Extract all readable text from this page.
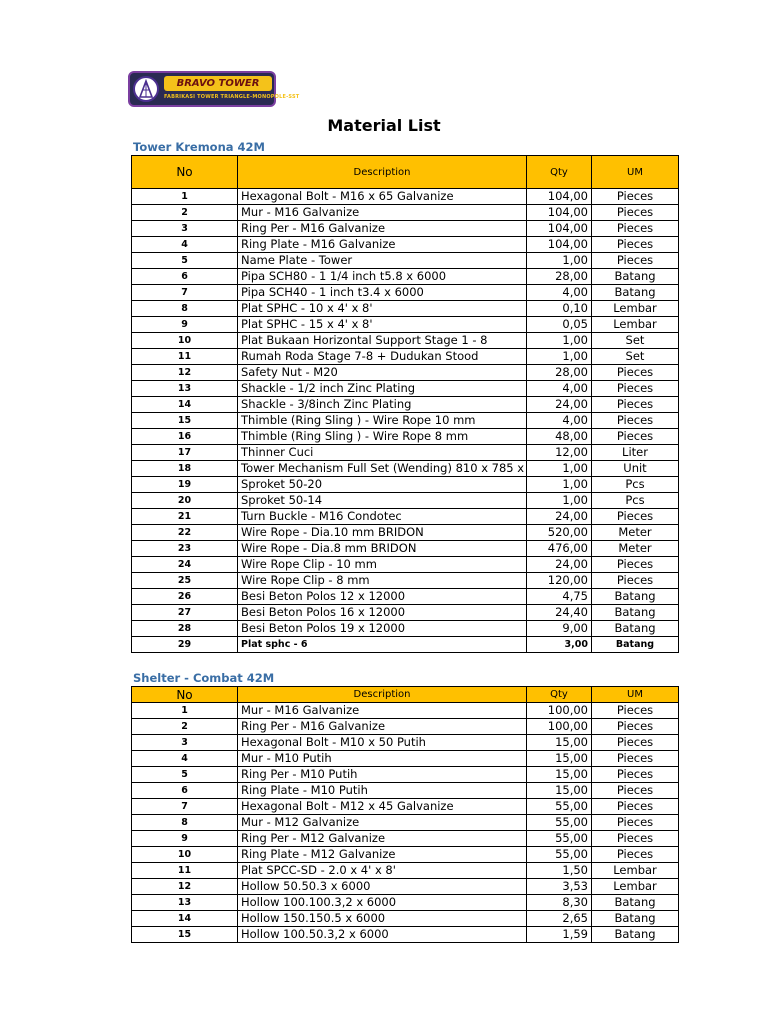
BRAVO TOWER
FABRIKASI TOWER TRIANGLE-MONOPOLE-SST
Material List
Tower Kremona 42M
No	Description	Qty	UM
1	Hexagonal Bolt - M16 x 65 Galvanize	104,00	Pieces
2	Mur - M16 Galvanize	104,00	Pieces
3	Ring Per - M16 Galvanize	104,00	Pieces
4	Ring Plate - M16 Galvanize	104,00	Pieces
5	Name Plate - Tower	1,00	Pieces
6	Pipa SCH80 - 1 1/4 inch t5.8 x 6000	28,00	Batang
7	Pipa SCH40 - 1 inch t3.4 x 6000	4,00	Batang
8	Plat SPHC - 10 x 4' x 8'	0,10	Lembar
9	Plat SPHC - 15 x 4' x 8'	0,05	Lembar
10	Plat Bukaan Horizontal Support Stage 1 - 8	1,00	Set
11	Rumah Roda Stage 7-8 + Dudukan Stood	1,00	Set
12	Safety Nut - M20	28,00	Pieces
13	Shackle - 1/2 inch Zinc Plating	4,00	Pieces
14	Shackle - 3/8inch Zinc Plating	24,00	Pieces
15	Thimble (Ring Sling ) - Wire Rope 10 mm	4,00	Pieces
16	Thimble (Ring Sling ) - Wire Rope 8 mm	48,00	Pieces
17	Thinner Cuci	12,00	Liter
18	Tower Mechanism Full Set (Wending) 810 x 785 x	1,00	Unit
19	Sproket 50-20	1,00	Pcs
20	Sproket 50-14	1,00	Pcs
21	Turn Buckle - M16 Condotec	24,00	Pieces
22	Wire Rope - Dia.10 mm BRIDON	520,00	Meter
23	Wire Rope - Dia.8 mm BRIDON	476,00	Meter
24	Wire Rope Clip - 10 mm	24,00	Pieces
25	Wire Rope Clip - 8 mm	120,00	Pieces
26	Besi Beton Polos 12 x 12000	4,75	Batang
27	Besi Beton Polos 16 x 12000	24,40	Batang
28	Besi Beton Polos 19 x 12000	9,00	Batang
29	Plat sphc - 6	3,00	Batang
Shelter - Combat 42M
No	Description	Qty	UM
1	Mur - M16 Galvanize	100,00	Pieces
2	Ring Per - M16 Galvanize	100,00	Pieces
3	Hexagonal Bolt - M10 x 50 Putih	15,00	Pieces
4	Mur - M10 Putih	15,00	Pieces
5	Ring Per - M10 Putih	15,00	Pieces
6	Ring Plate - M10 Putih	15,00	Pieces
7	Hexagonal Bolt - M12 x 45 Galvanize	55,00	Pieces
8	Mur - M12 Galvanize	55,00	Pieces
9	Ring Per - M12 Galvanize	55,00	Pieces
10	Ring Plate - M12 Galvanize	55,00	Pieces
11	Plat SPCC-SD - 2.0 x 4' x 8'	1,50	Lembar
12	Hollow 50.50.3 x 6000	3,53	Lembar
13	Hollow 100.100.3,2 x 6000	8,30	Batang
14	Hollow 150.150.5 x 6000	2,65	Batang
15	Hollow 100.50.3,2 x 6000	1,59	Batang
